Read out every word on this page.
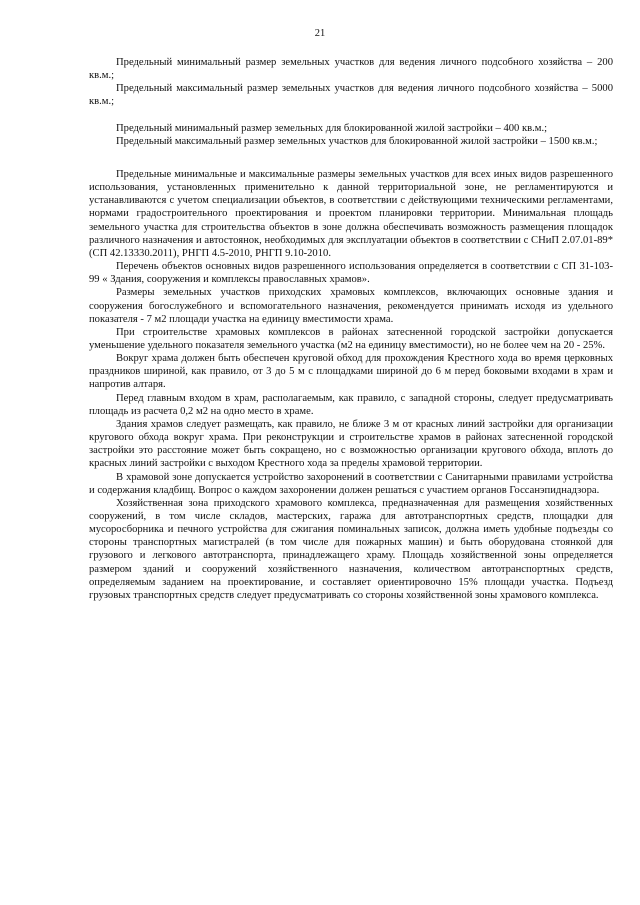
21

Предельный минимальный размер земельных участков для ведения личного подсобного хозяйства – 200 кв.м.;

Предельный максимальный размер земельных участков для ведения личного подсобного хозяйства – 5000 кв.м.;

Предельный минимальный размер земельных для блокированной жилой застройки – 400 кв.м.;

Предельный максимальный размер земельных участков для блокированной жилой застройки – 1500 кв.м.;

Предельные минимальные и максимальные размеры земельных участков для всех иных видов разрешенного использования, установленных применительно к данной территориальной зоне, не регламентируются и устанавливаются с учетом специализации объектов, в соответствии с действующими техническими регламентами, нормами градостроительного проектирования и проектом планировки территории. Минимальная площадь земельного участка для строительства объектов в зоне должна обеспечивать возможность размещения площадок различного назначения и автостоянок, необходимых для эксплуатации объектов в соответствии с СНиП 2.07.01-89* (СП 42.13330.2011), РНГП 4.5-2010, РНГП 9.10-2010.

Перечень объектов основных видов разрешенного использования определяется в соответствии с СП 31-103-99 « Здания, сооружения и комплексы православных храмов».

Размеры земельных участков приходских храмовых комплексов, включающих основные здания и сооружения богослужебного и вспомогательного назначения, рекомендуется принимать исходя из удельного показателя - 7 м2 площади участка на единицу вместимости храма.

При строительстве храмовых комплексов в районах затесненной городской застройки допускается уменьшение удельного показателя земельного участка (м2 на единицу вместимости), но не более чем на 20 - 25%.

Вокруг храма должен быть обеспечен круговой обход для прохождения Крестного хода во время церковных праздников шириной, как правило, от 3 до 5 м с площадками шириной до 6 м перед боковыми входами в храм и напротив алтаря.

Перед главным входом в храм, располагаемым, как правило, с западной стороны, следует предусматривать площадь из расчета 0,2 м2 на одно место в храме.

Здания храмов следует размещать, как правило, не ближе 3 м от красных линий застройки для организации кругового обхода вокруг храма. При реконструкции и строительстве храмов в районах затесненной городской застройки это расстояние может быть сокращено, но с возможностью организации кругового обхода, вплоть до красных линий застройки с выходом Крестного хода за пределы храмовой территории.

В храмовой зоне допускается устройство захоронений в соответствии с Санитарными правилами устройства и содержания кладбищ. Вопрос о каждом захоронении должен решаться с участием органов Госсанэпиднадзора.

Хозяйственная зона приходского храмового комплекса, предназначенная для размещения хозяйственных сооружений, в том числе складов, мастерских, гаража для автотранспортных средств, площадки для мусоросборника и печного устройства для сжигания поминальных записок, должна иметь удобные подъезды со стороны транспортных магистралей (в том числе для пожарных машин) и быть оборудована стоянкой для грузового и легкового автотранспорта, принадлежащего храму. Площадь хозяйственной зоны определяется размером зданий и сооружений хозяйственного назначения, количеством автотранспортных средств, определяемым заданием на проектирование, и составляет ориентировочно 15% площади участка. Подъезд грузовых транспортных средств следует предусматривать со стороны хозяйственной зоны храмового комплекса.
